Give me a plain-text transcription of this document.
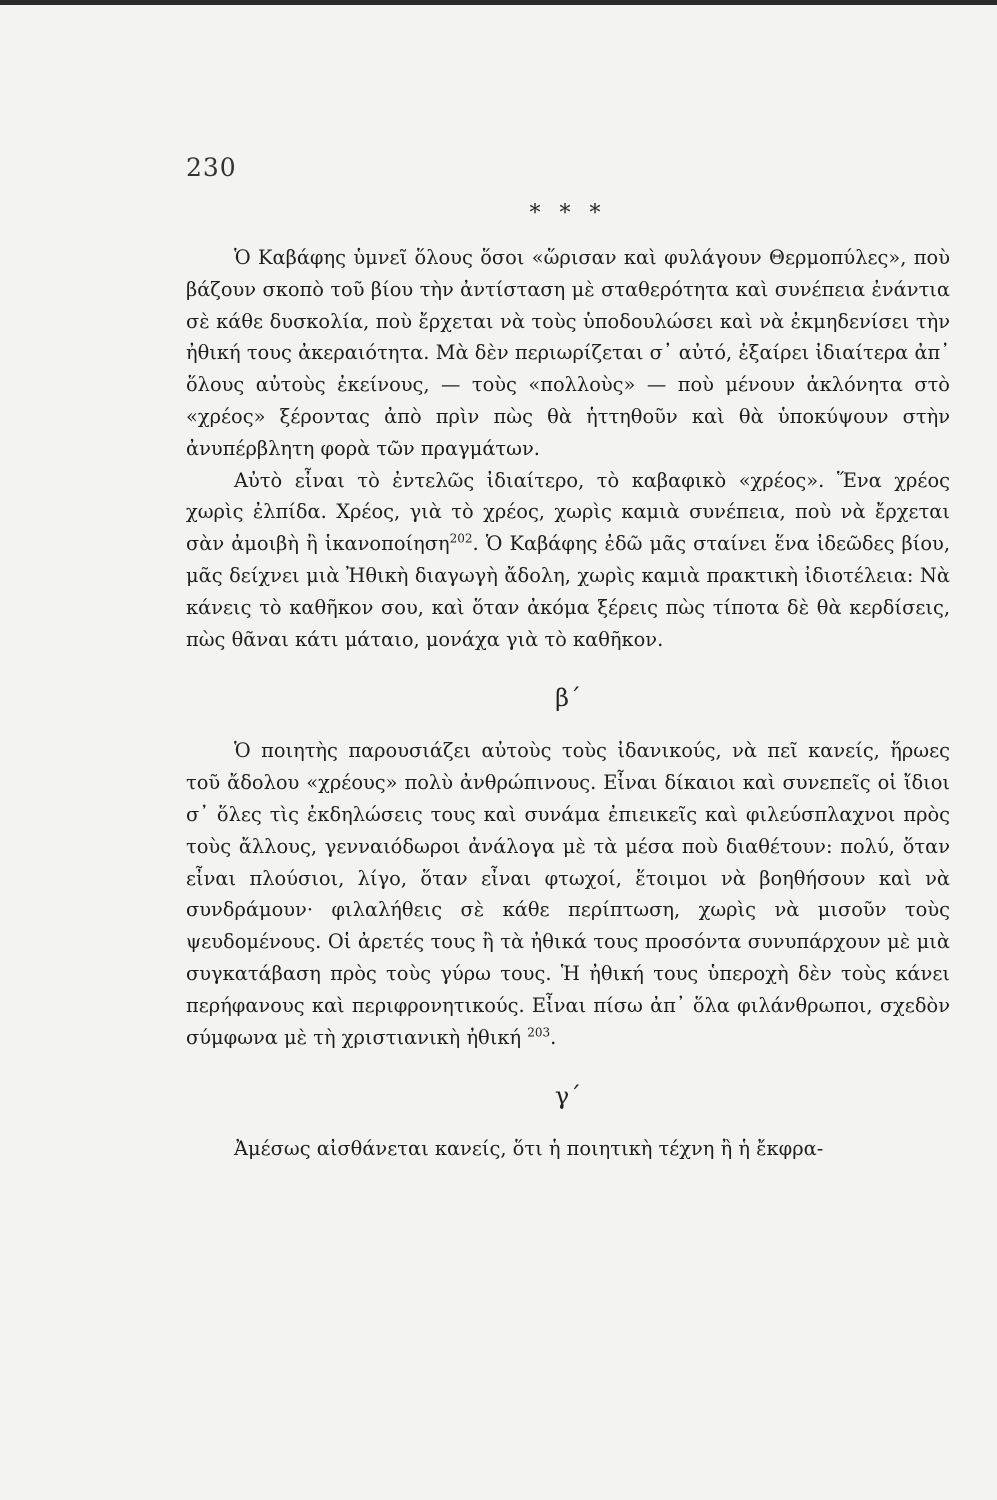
230
* * *

Ὁ Καβάφης ὑμνεῖ ὅλους ὅσοι «ὥρισαν καὶ φυλάγουν Θερμοπύλες», ποὺ βάζουν σκοπὸ τοῦ βίου τὴν ἀντίσταση μὲ σταθερότητα καὶ συνέπεια ἐνάντια σὲ κάθε δυσκολία, ποὺ ἔρχεται νὰ τοὺς ὑποδουλώσει καὶ νὰ ἐκμηδενίσει τὴν ἠθική τους ἀκεραιότητα. Μὰ δὲν περιωρίζεται σ᾽ αὐτό, ἐξαίρει ἰδιαίτερα ἀπ᾽ ὅλους αὐτοὺς ἐκείνους, — τοὺς «πολλοὺς» — ποὺ μένουν ἀκλόνητα στὸ «χρέος» ξέροντας ἀπὸ πρὶν πὼς θὰ ἡττηθοῦν καὶ θὰ ὑποκύψουν στὴν ἀνυπέρβλητη φορὰ τῶν πραγμάτων.

Αὐτὸ εἶναι τὸ ἐντελῶς ἰδιαίτερο, τὸ καβαφικὸ «χρέος». Ἕνα χρέος χωρὶς ἐλπίδα. Χρέος, γιὰ τὸ χρέος, χωρὶς καμιὰ συνέπεια, ποὺ νὰ ἔρχεται σὰν ἀμοιβὴ ἢ ἱκανοποίηση$^{202}$. Ὁ Καβάφης ἐδῶ μᾶς σταίνει ἕνα ἰδεῶδες βίου, μᾶς δείχνει μιὰ Ἠθικὴ διαγωγὴ ἄδολη, χωρὶς καμιὰ πρακτικὴ ἰδιοτέλεια: Νὰ κάνεις τὸ καθῆκον σου, καὶ ὅταν ἀκόμα ξέρεις πὼς τίποτα δὲ θὰ κερδίσεις, πὼς θᾶναι κάτι μάταιο, μονάχα γιὰ τὸ καθῆκον.

β΄

Ὁ ποιητὴς παρουσιάζει αὐτοὺς τοὺς ἰδανικούς, νὰ πεῖ κανείς, ἥρωες τοῦ ἄδολου «χρέους» πολὺ ἀνθρώπινους. Εἶναι δίκαιοι καὶ συνεπεῖς οἱ ἴδιοι σ᾽ ὅλες τὶς ἐκδηλώσεις τους καὶ συνάμα ἐπιεικεῖς καὶ φιλεύσπλαχνοι πρὸς τοὺς ἄλλους, γενναιόδωροι ἀνάλογα μὲ τὰ μέσα ποὺ διαθέτουν: πολύ, ὅταν εἶναι πλούσιοι, λίγο, ὅταν εἶναι φτωχοί, ἕτοιμοι νὰ βοηθήσουν καὶ νὰ συνδράμουν· φιλαλήθεις σὲ κάθε περίπτωση, χωρὶς νὰ μισοῦν τοὺς ψευδομένους. Οἱ ἀρετές τους ἢ τὰ ἠθικά τους προσόντα συνυπάρχουν μὲ μιὰ συγκατάβαση πρὸς τοὺς γύρω τους. Ἡ ἠθική τους ὑπεροχὴ δὲν τοὺς κάνει περήφανους καὶ περιφρονητικούς. Εἶναι πίσω ἀπ᾽ ὅλα φιλάνθρωποι, σχεδὸν σύμφωνα μὲ τὴ χριστιανικὴ ἠθική $^{203}$.

γ΄

Ἀμέσως αἰσθάνεται κανείς, ὅτι ἡ ποιητικὴ τέχνη ἢ ἡ ἔκφρα-
